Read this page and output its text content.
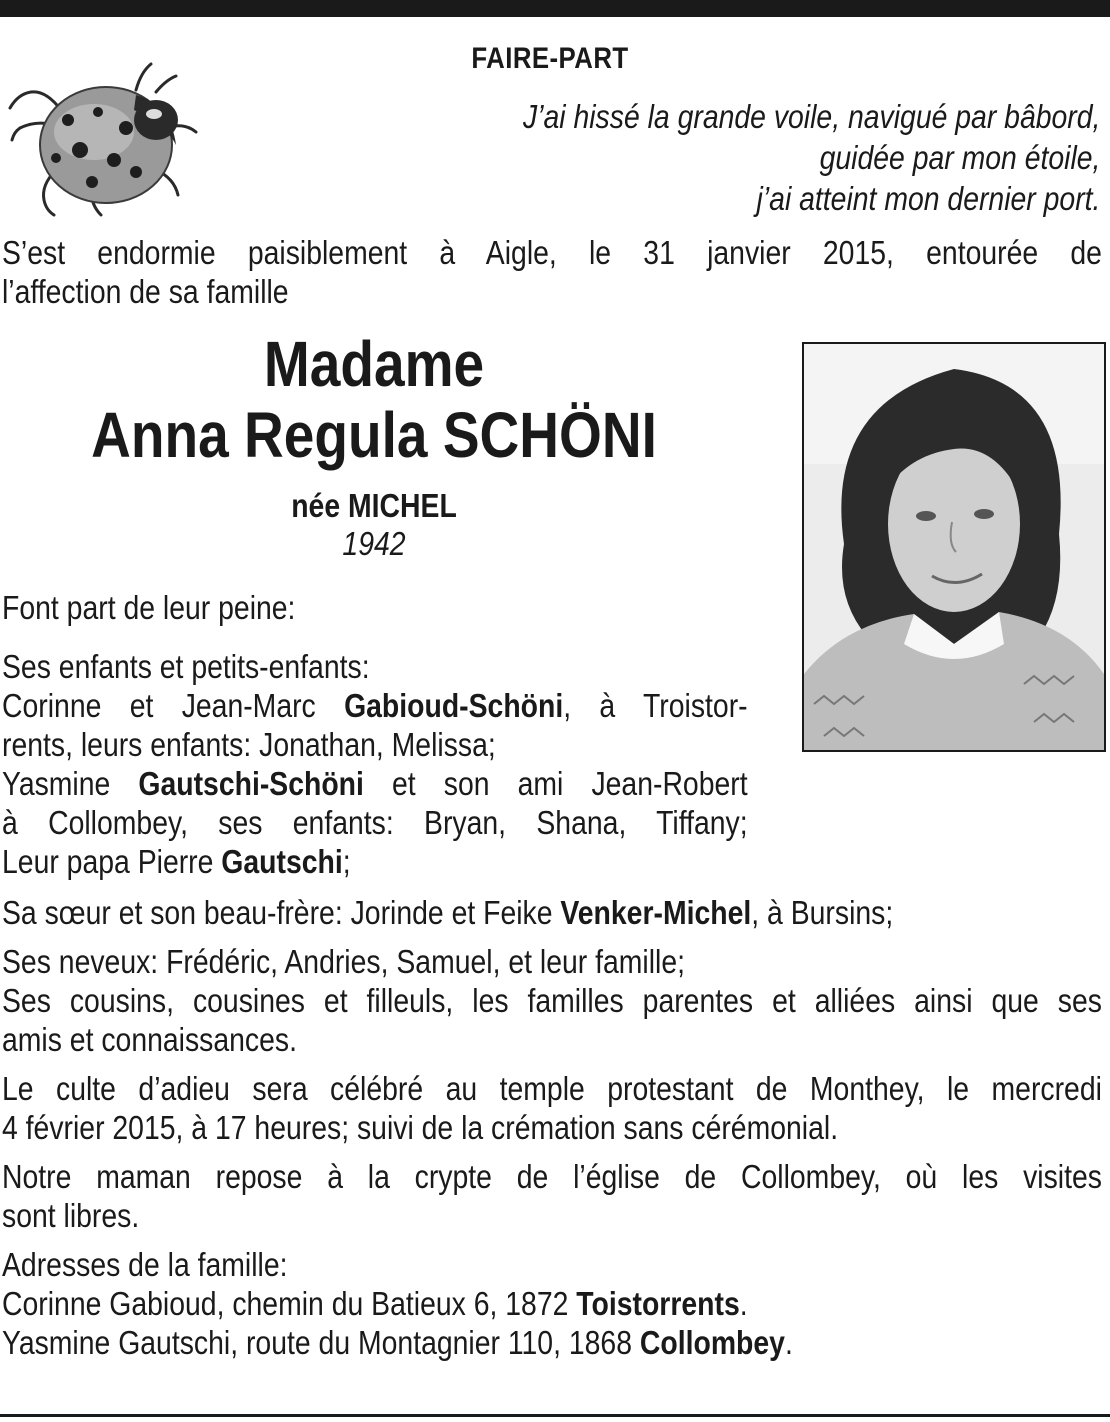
FAIRE-PART
J’ai hissé la grande voile, navigué par bâbord,
guidée par mon étoile,
j’ai atteint mon dernier port.
S’est endormie paisiblement à Aigle, le 31 janvier 2015, entourée de
l’affection de sa famille
Madame
Anna Regula SCHÖNI
née MICHEL
1942
Font part de leur peine:
Ses enfants et petits-enfants:
Corinne et Jean-Marc Gabioud-Schöni, à Troistor-
rents, leurs enfants: Jonathan, Melissa;
Yasmine Gautschi-Schöni et son ami Jean-Robert
à Collombey, ses enfants: Bryan, Shana, Tiffany;
Leur papa Pierre Gautschi;
Sa sœur et son beau-frère: Jorinde et Feike Venker-Michel, à Bursins;
Ses neveux: Frédéric, Andries, Samuel, et leur famille;
Ses cousins, cousines et filleuls, les familles parentes et alliées ainsi que ses
amis et connaissances.
Le culte d’adieu sera célébré au temple protestant de Monthey, le mercredi
4 février 2015, à 17 heures; suivi de la crémation sans cérémonial.
Notre maman repose à la crypte de l’église de Collombey, où les visites
sont libres.
Adresses de la famille:
Corinne Gabioud, chemin du Batieux 6, 1872 Toistorrents.
Yasmine Gautschi, route du Montagnier 110, 1868 Collombey.
